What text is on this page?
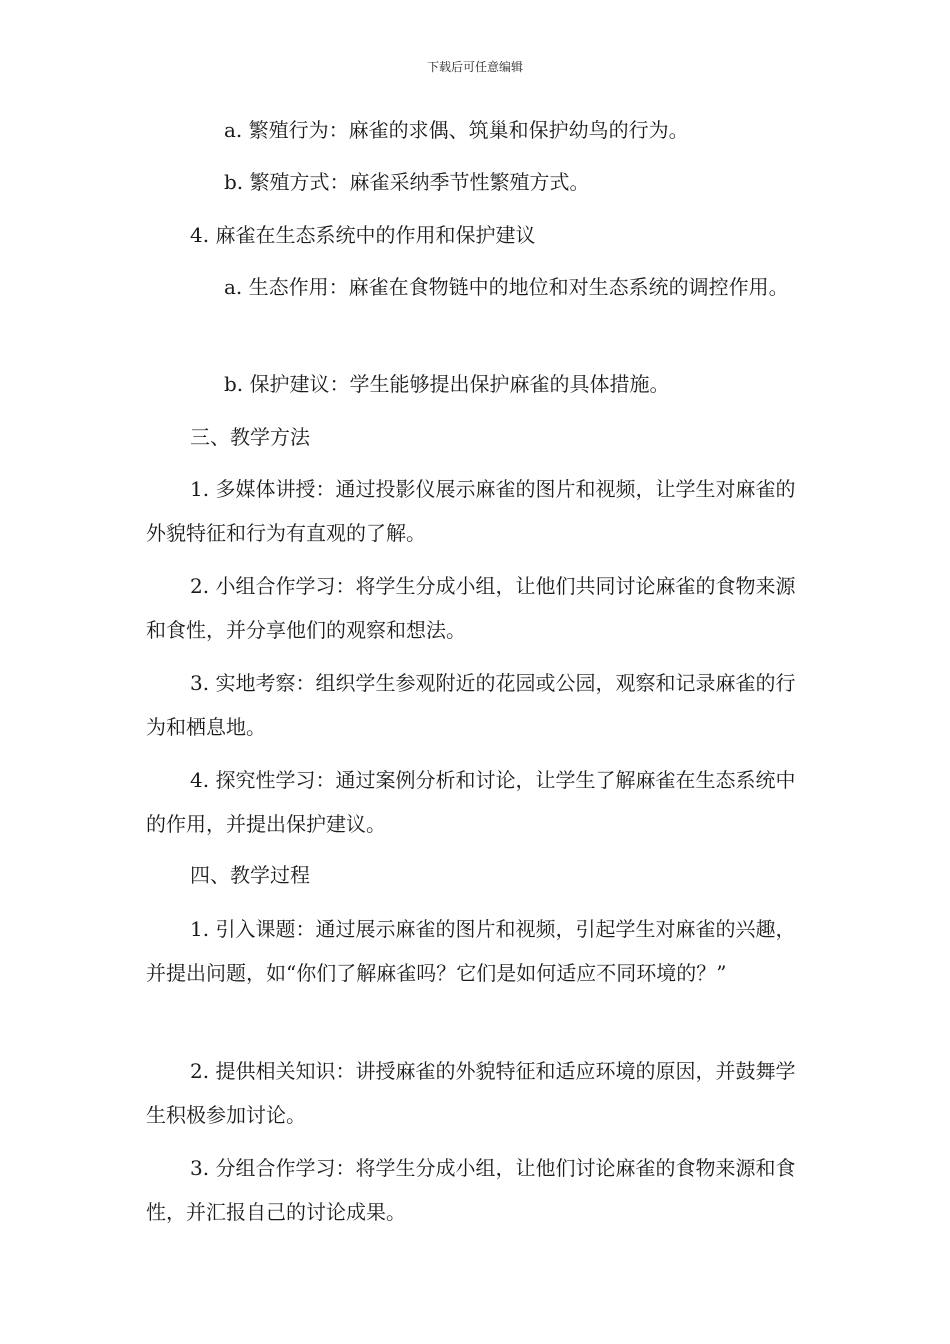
下载后可任意编辑

a. 繁殖行为：麻雀的求偶、筑巢和保护幼鸟的行为。

b. 繁殖方式：麻雀采纳季节性繁殖方式。

4. 麻雀在生态系统中的作用和保护建议

a. 生态作用：麻雀在食物链中的地位和对生态系统的调控作用。

b. 保护建议：学生能够提出保护麻雀的具体措施。

三、教学方法

1. 多媒体讲授：通过投影仪展示麻雀的图片和视频，让学生对麻雀的外貌特征和行为有直观的了解。

2. 小组合作学习：将学生分成小组，让他们共同讨论麻雀的食物来源和食性，并分享他们的观察和想法。

3. 实地考察：组织学生参观附近的花园或公园，观察和记录麻雀的行为和栖息地。

4. 探究性学习：通过案例分析和讨论，让学生了解麻雀在生态系统中的作用，并提出保护建议。

四、教学过程

1. 引入课题：通过展示麻雀的图片和视频，引起学生对麻雀的兴趣，并提出问题，如“你们了解麻雀吗？它们是如何适应不同环境的？”

2. 提供相关知识：讲授麻雀的外貌特征和适应环境的原因，并鼓舞学生积极参加讨论。

3. 分组合作学习：将学生分成小组，让他们讨论麻雀的食物来源和食性，并汇报自己的讨论成果。
